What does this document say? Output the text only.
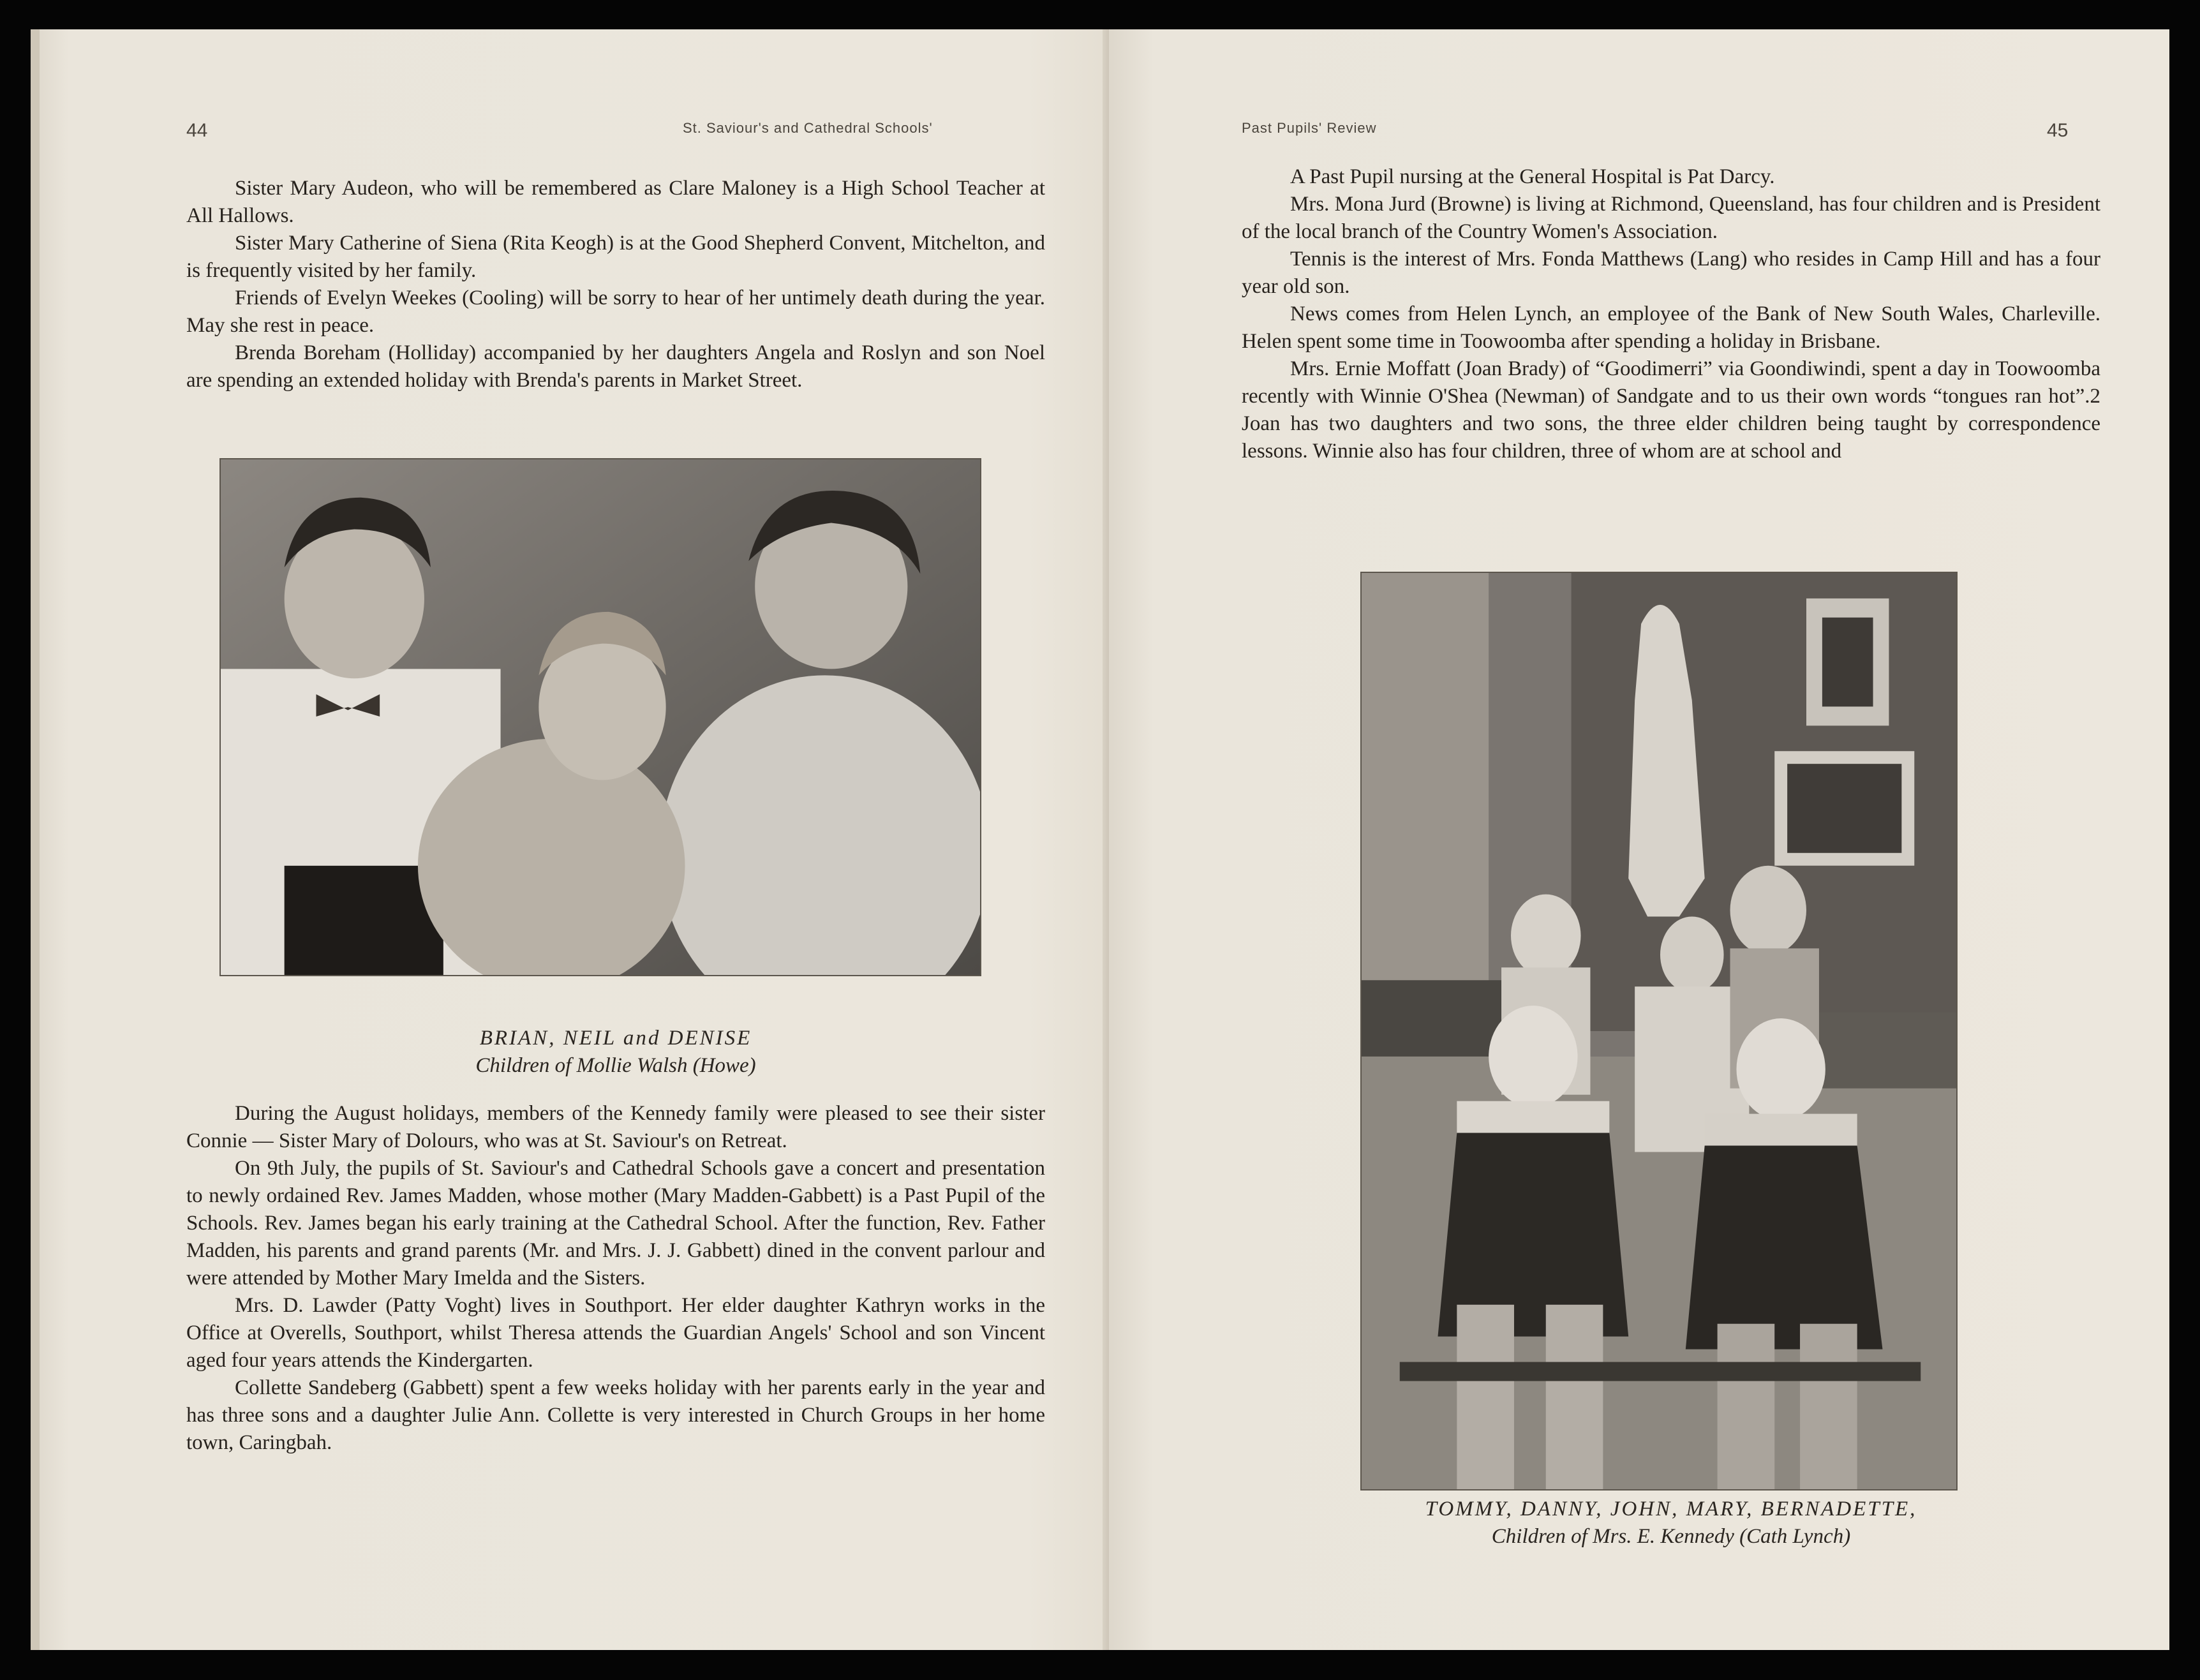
44	St. Saviour's and Cathedral Schools'

Sister Mary Audeon, who will be remembered as Clare Maloney is a High School Teacher at All Hallows.

Sister Mary Catherine of Siena (Rita Keogh) is at the Good Shepherd Convent, Mitchelton, and is frequently visited by her family.

Friends of Evelyn Weekes (Cooling) will be sorry to hear of her untimely death during the year. May she rest in peace.

Brenda Boreham (Holliday) accompanied by her daughters Angela and Roslyn and son Noel are spending an extended holiday with Brenda's parents in Market Street.

BRIAN, NEIL and DENISE
Children of Mollie Walsh (Howe)

During the August holidays, members of the Kennedy family were pleased to see their sister Connie — Sister Mary of Dolours, who was at St. Saviour's on Retreat.

On 9th July, the pupils of St. Saviour's and Cathedral Schools gave a concert and presentation to newly ordained Rev. James Madden, whose mother (Mary Madden-Gabbett) is a Past Pupil of the Schools. Rev. James began his early training at the Cathedral School. After the function, Rev. Father Madden, his parents and grand parents (Mr. and Mrs. J. J. Gabbett) dined in the convent parlour and were attended by Mother Mary Imelda and the Sisters.

Mrs. D. Lawder (Patty Voght) lives in Southport. Her elder daughter Kathryn works in the Office at Overells, Southport, whilst Theresa attends the Guardian Angels' School and son Vincent aged four years attends the Kindergarten.

Collette Sandeberg (Gabbett) spent a few weeks holiday with her parents early in the year and has three sons and a daughter Julie Ann. Collette is very interested in Church Groups in her home town, Caringbah.

Past Pupils' Review	45

A Past Pupil nursing at the General Hospital is Pat Darcy.

Mrs. Mona Jurd (Browne) is living at Richmond, Queensland, has four children and is President of the local branch of the Country Women's Association.

Tennis is the interest of Mrs. Fonda Matthews (Lang) who resides in Camp Hill and has a four year old son.

News comes from Helen Lynch, an employee of the Bank of New South Wales, Charleville. Helen spent some time in Toowoomba after spending a holiday in Brisbane.

Mrs. Ernie Moffatt (Joan Brady) of “Goodimerri” via Goondiwindi, spent a day in Toowoomba recently with Winnie O'Shea (Newman) of Sandgate and to us their own words “tongues ran hot”.2 Joan has two daughters and two sons, the three elder children being taught by correspondence lessons. Winnie also has four children, three of whom are at school and

TOMMY, DANNY, JOHN, MARY, BERNADETTE,
Children of Mrs. E. Kennedy (Cath Lynch)
